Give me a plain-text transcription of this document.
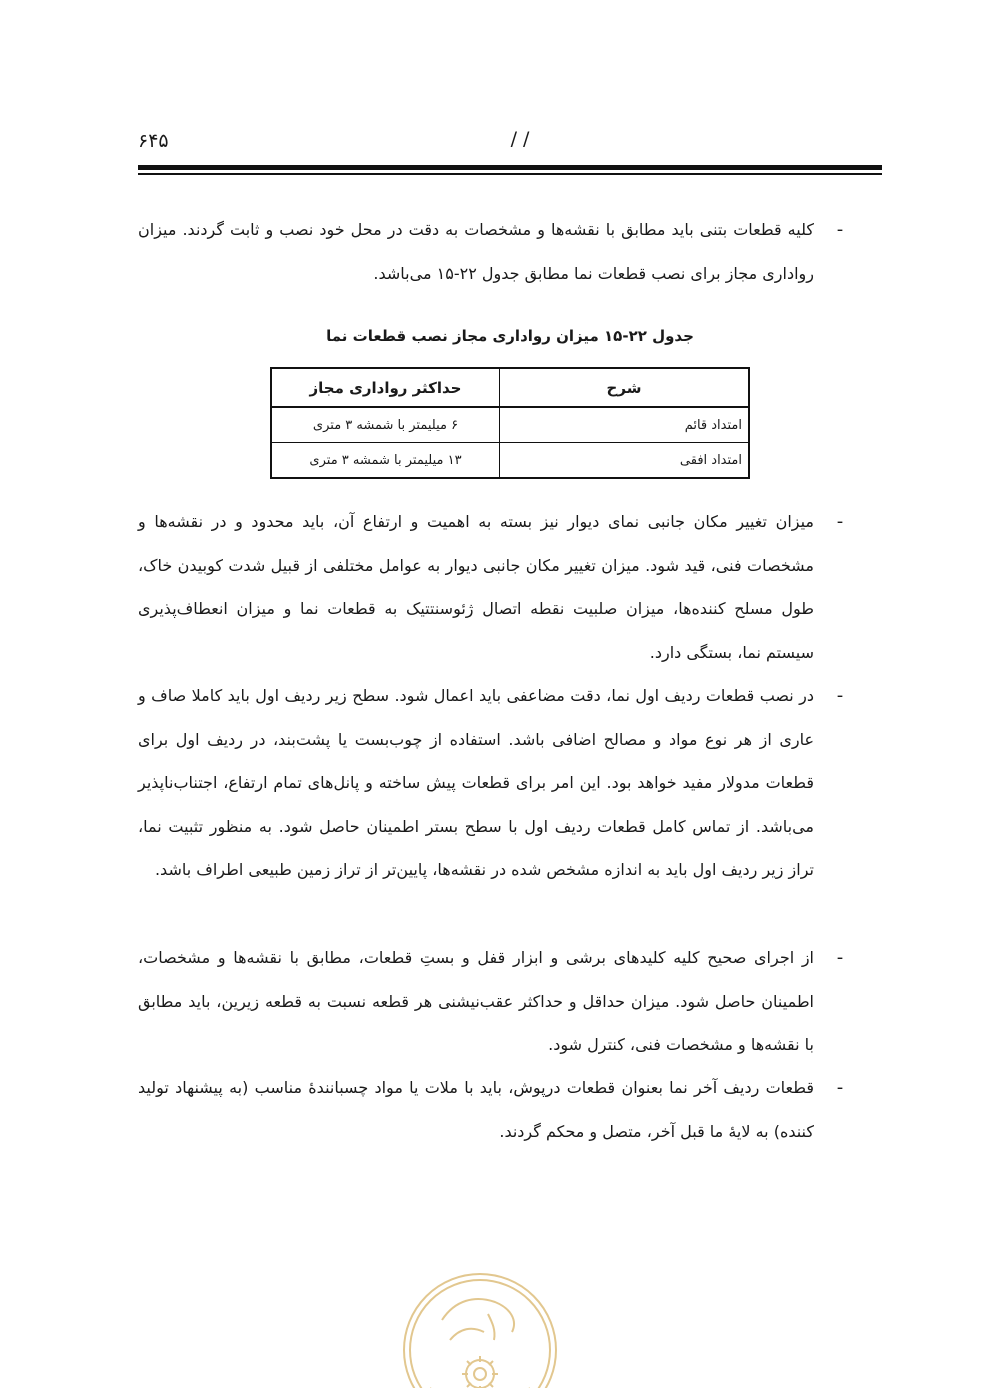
۶۴۵	/ /
-
کلیه قطعات بتنی باید مطابق با نقشه‌ها و مشخصات به دقت در محل خود نصب و ثابت گردند. میزان رواداری مجاز برای نصب قطعات نما مطابق جدول ۲۲-۱۵ می‌باشد.
جدول ۲۲-۱۵ میزان رواداری مجاز نصب قطعات نما
شرح	حداکثر رواداری مجاز
امتداد قائم	۶ میلیمتر با شمشه ۳ متری
امتداد افقی	۱۳ میلیمتر با شمشه ۳ متری
-
میزان تغییر مکان جانبی نمای دیوار نیز بسته به اهمیت و ارتفاع آن، باید محدود و در نقشه‌ها و مشخصات فنی، قید شود. میزان تغییر مکان جانبی دیوار به عوامل مختلفی از قبیل شدت کوبیدن خاک، طول مسلح کننده‌ها، میزان صلبیت نقطه اتصال ژئوسنتتیک به قطعات نما و میزان انعطاف‌پذیری سیستم نما، بستگی دارد.
-
در نصب قطعات ردیف اول نما، دقت مضاعفی باید اعمال شود. سطح زیر ردیف اول باید کاملا صاف و عاری از هر نوع مواد و مصالح اضافی باشد. استفاده از چوب‌بست یا پشت‌بند، در ردیف اول برای قطعات مدولار مفید خواهد بود. این امر برای قطعات پیش ساخته و پانل‌های تمام ارتفاع، اجتناب‌ناپذیر می‌باشد. از تماس کامل قطعات ردیف اول با سطح بستر اطمینان حاصل شود. به منظور تثبیت نما، تراز زیر ردیف اول باید به اندازه مشخص شده در نقشه‌ها، پایین‌تر از تراز زمین طبیعی اطراف باشد.
-
از اجرای صحیح کلیه کلیدهای برشی و ابزار قفل و بستِ قطعات، مطابق با نقشه‌ها و مشخصات، اطمینان حاصل شود. میزان حداقل و حداکثر عقب‌نیشنی هر قطعه نسبت به قطعه زیرین، باید مطابق با نقشه‌ها و مشخصات فنی، کنترل شود.
-
قطعات ردیف آخر نما بعنوان قطعات درپوش، باید با ملات یا مواد چسبانندۀ مناسب (به پیشنهاد تولید کننده) به لایۀ ما قبل آخر، متصل و محکم گردند.
